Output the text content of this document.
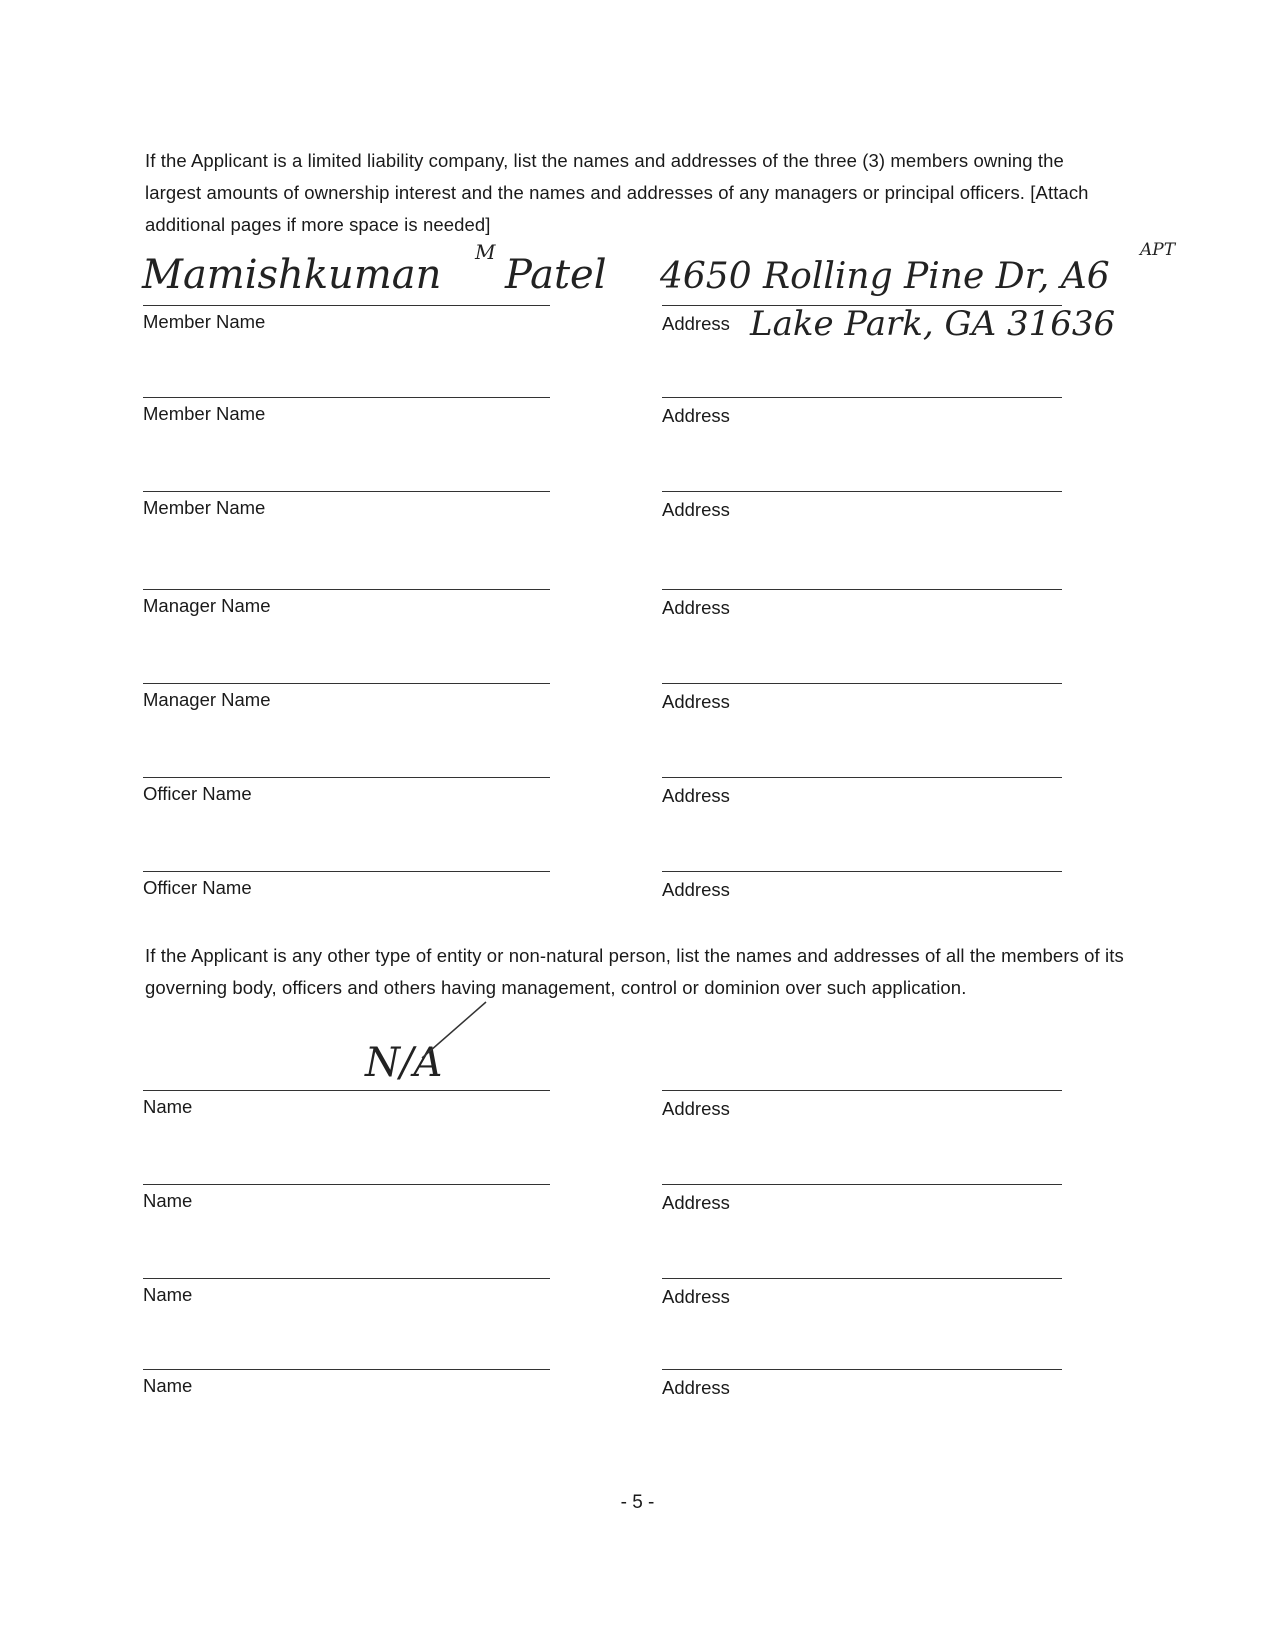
If the Applicant is a limited liability company, list the names and addresses of the three (3) members owning the largest amounts of ownership interest and the names and addresses of any managers or principal officers. [Attach additional pages if more space is needed]
Mamishkuman M Patel 4650 Rolling Pine Dr, A6
APT
Lake Park, GA 31636
Member Name	Address
Member Name	Address
Member Name	Address
Manager Name	Address
Manager Name	Address
Officer Name	Address
Officer Name	Address
If the Applicant is any other type of entity or non-natural person, list the names and addresses of all the members of its governing body, officers and others having management, control or dominion over such application.
N/A
Name	Address
Name	Address
Name	Address
Name	Address
- 5 -
